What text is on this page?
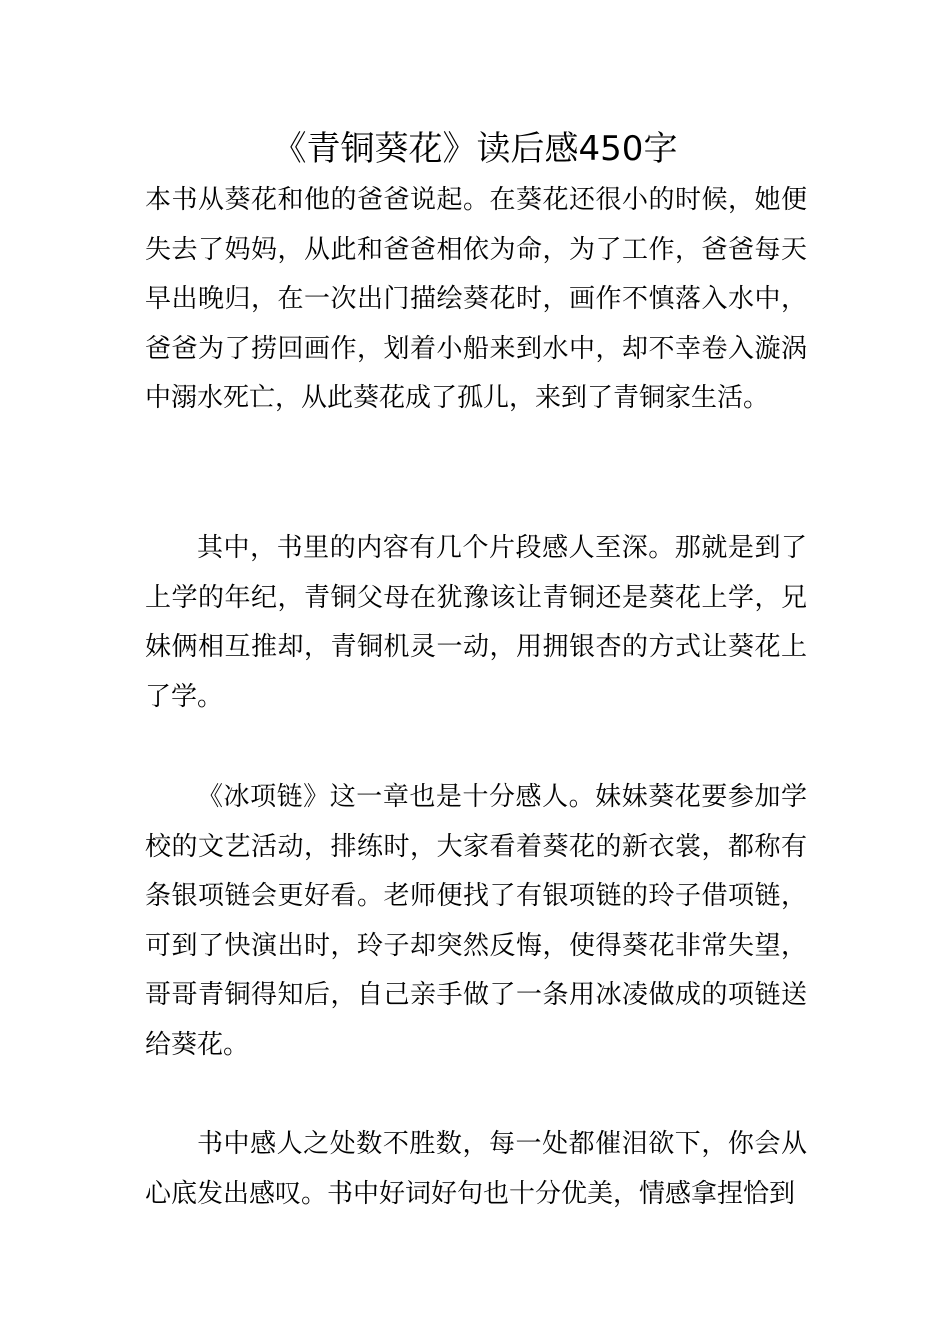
《青铜葵花》读后感450字

本书从葵花和他的爸爸说起。在葵花还很小的时候，她便失去了妈妈，从此和爸爸相依为命，为了工作，爸爸每天早出晚归，在一次出门描绘葵花时，画作不慎落入水中，爸爸为了捞回画作，划着小船来到水中，却不幸卷入漩涡中溺水死亡，从此葵花成了孤儿，来到了青铜家生活。

其中，书里的内容有几个片段感人至深。那就是到了上学的年纪，青铜父母在犹豫该让青铜还是葵花上学，兄妹俩相互推却，青铜机灵一动，用拥银杏的方式让葵花上了学。

《冰项链》这一章也是十分感人。妹妹葵花要参加学校的文艺活动，排练时，大家看着葵花的新衣裳，都称有条银项链会更好看。老师便找了有银项链的玲子借项链，可到了快演出时，玲子却突然反悔，使得葵花非常失望，哥哥青铜得知后，自己亲手做了一条用冰凌做成的项链送给葵花。

书中感人之处数不胜数，每一处都催泪欲下，你会从心底发出感叹。书中好词好句也十分优美，情感拿捏恰到
